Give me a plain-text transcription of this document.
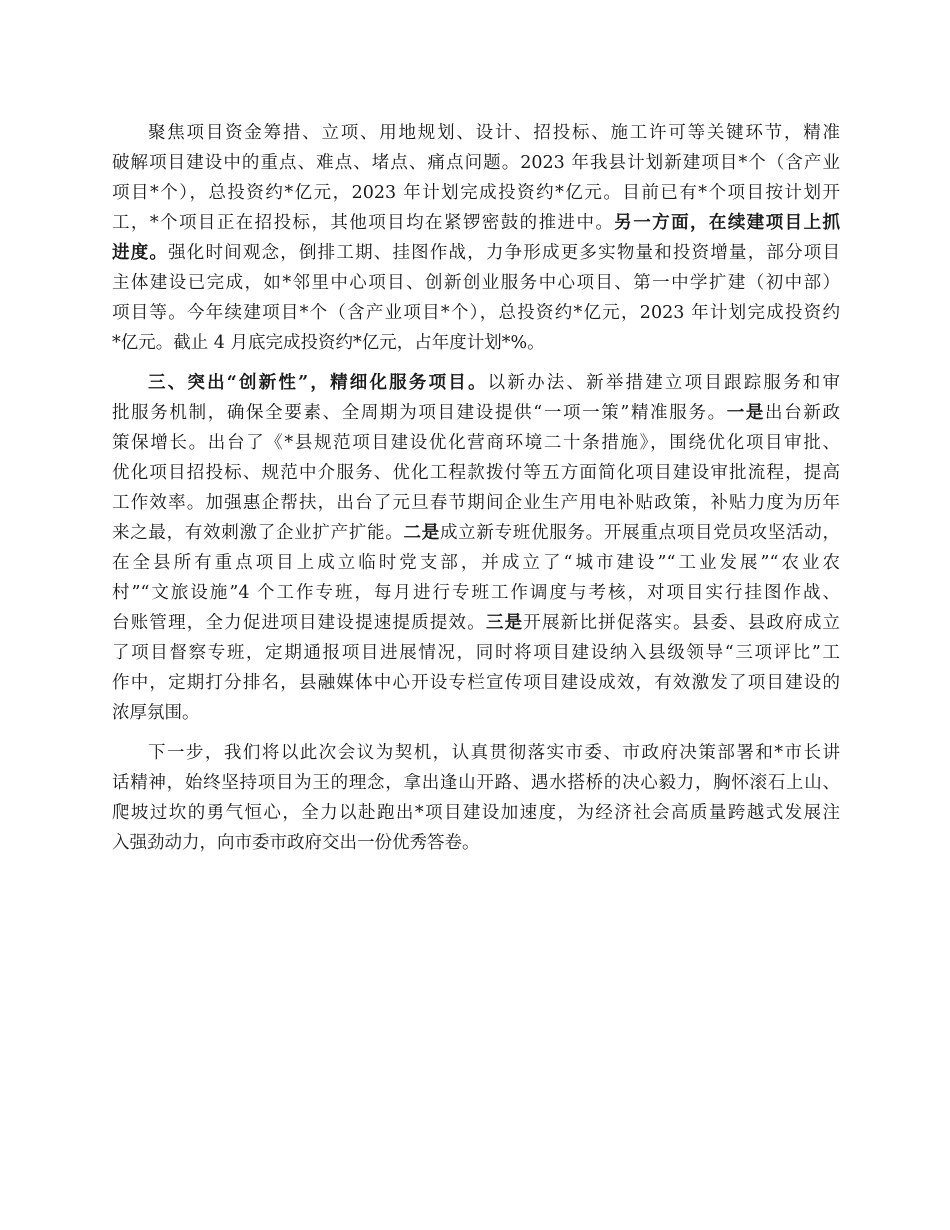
聚焦项目资金筹措、立项、用地规划、设计、招投标、施工许可等关键环节，精准
破解项目建设中的重点、难点、堵点、痛点问题。2023 年我县计划新建项目*个（含产业
项目*个），总投资约*亿元，2023 年计划完成投资约*亿元。目前已有*个项目按计划开
工，*个项目正在招投标，其他项目均在紧锣密鼓的推进中。另一方面，在续建项目上抓
进度。强化时间观念，倒排工期、挂图作战，力争形成更多实物量和投资增量，部分项目
主体建设已完成，如*邻里中心项目、创新创业服务中心项目、第一中学扩建（初中部）
项目等。今年续建项目*个（含产业项目*个），总投资约*亿元，2023 年计划完成投资约
*亿元。截止 4 月底完成投资约*亿元，占年度计划*%。
三、突出“创新性”，精细化服务项目。以新办法、新举措建立项目跟踪服务和审
批服务机制，确保全要素、全周期为项目建设提供“一项一策”精准服务。一是出台新政
策保增长。出台了《*县规范项目建设优化营商环境二十条措施》，围绕优化项目审批、
优化项目招投标、规范中介服务、优化工程款拨付等五方面简化项目建设审批流程，提高
工作效率。加强惠企帮扶，出台了元旦春节期间企业生产用电补贴政策，补贴力度为历年
来之最，有效刺激了企业扩产扩能。二是成立新专班优服务。开展重点项目党员攻坚活动，
在全县所有重点项目上成立临时党支部，并成立了“城市建设”“工业发展”“农业农
村”“文旅设施”4 个工作专班，每月进行专班工作调度与考核，对项目实行挂图作战、
台账管理，全力促进项目建设提速提质提效。三是开展新比拼促落实。县委、县政府成立
了项目督察专班，定期通报项目进展情况，同时将项目建设纳入县级领导“三项评比”工
作中，定期打分排名，县融媒体中心开设专栏宣传项目建设成效，有效激发了项目建设的
浓厚氛围。
下一步，我们将以此次会议为契机，认真贯彻落实市委、市政府决策部署和*市长讲
话精神，始终坚持项目为王的理念，拿出逢山开路、遇水搭桥的决心毅力，胸怀滚石上山、
爬坡过坎的勇气恒心，全力以赴跑出*项目建设加速度，为经济社会高质量跨越式发展注
入强劲动力，向市委市政府交出一份优秀答卷。
